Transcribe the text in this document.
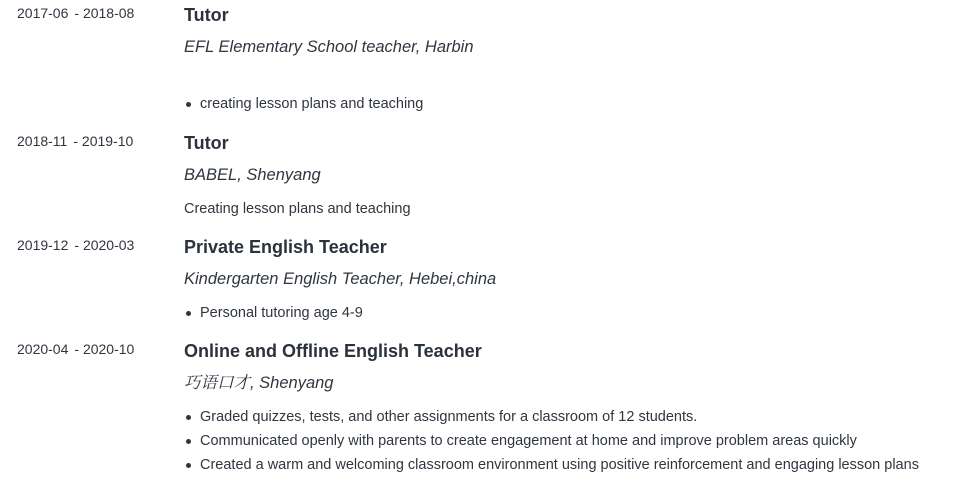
2017-06 - 2018-08	Tutor
EFL Elementary School teacher, Harbin
creating lesson plans and teaching
2018-11 - 2019-10	Tutor
BABEL, Shenyang
Creating lesson plans and teaching
2019-12 - 2020-03	Private English Teacher
Kindergarten English Teacher, Hebei,china
Personal tutoring age 4-9
2020-04 - 2020-10	Online and Offline English Teacher
巧语口才, Shenyang
Graded quizzes, tests, and other assignments for a classroom of 12 students.
Communicated openly with parents to create engagement at home and improve problem areas quickly
Created a warm and welcoming classroom environment using positive reinforcement and engaging lesson plans
